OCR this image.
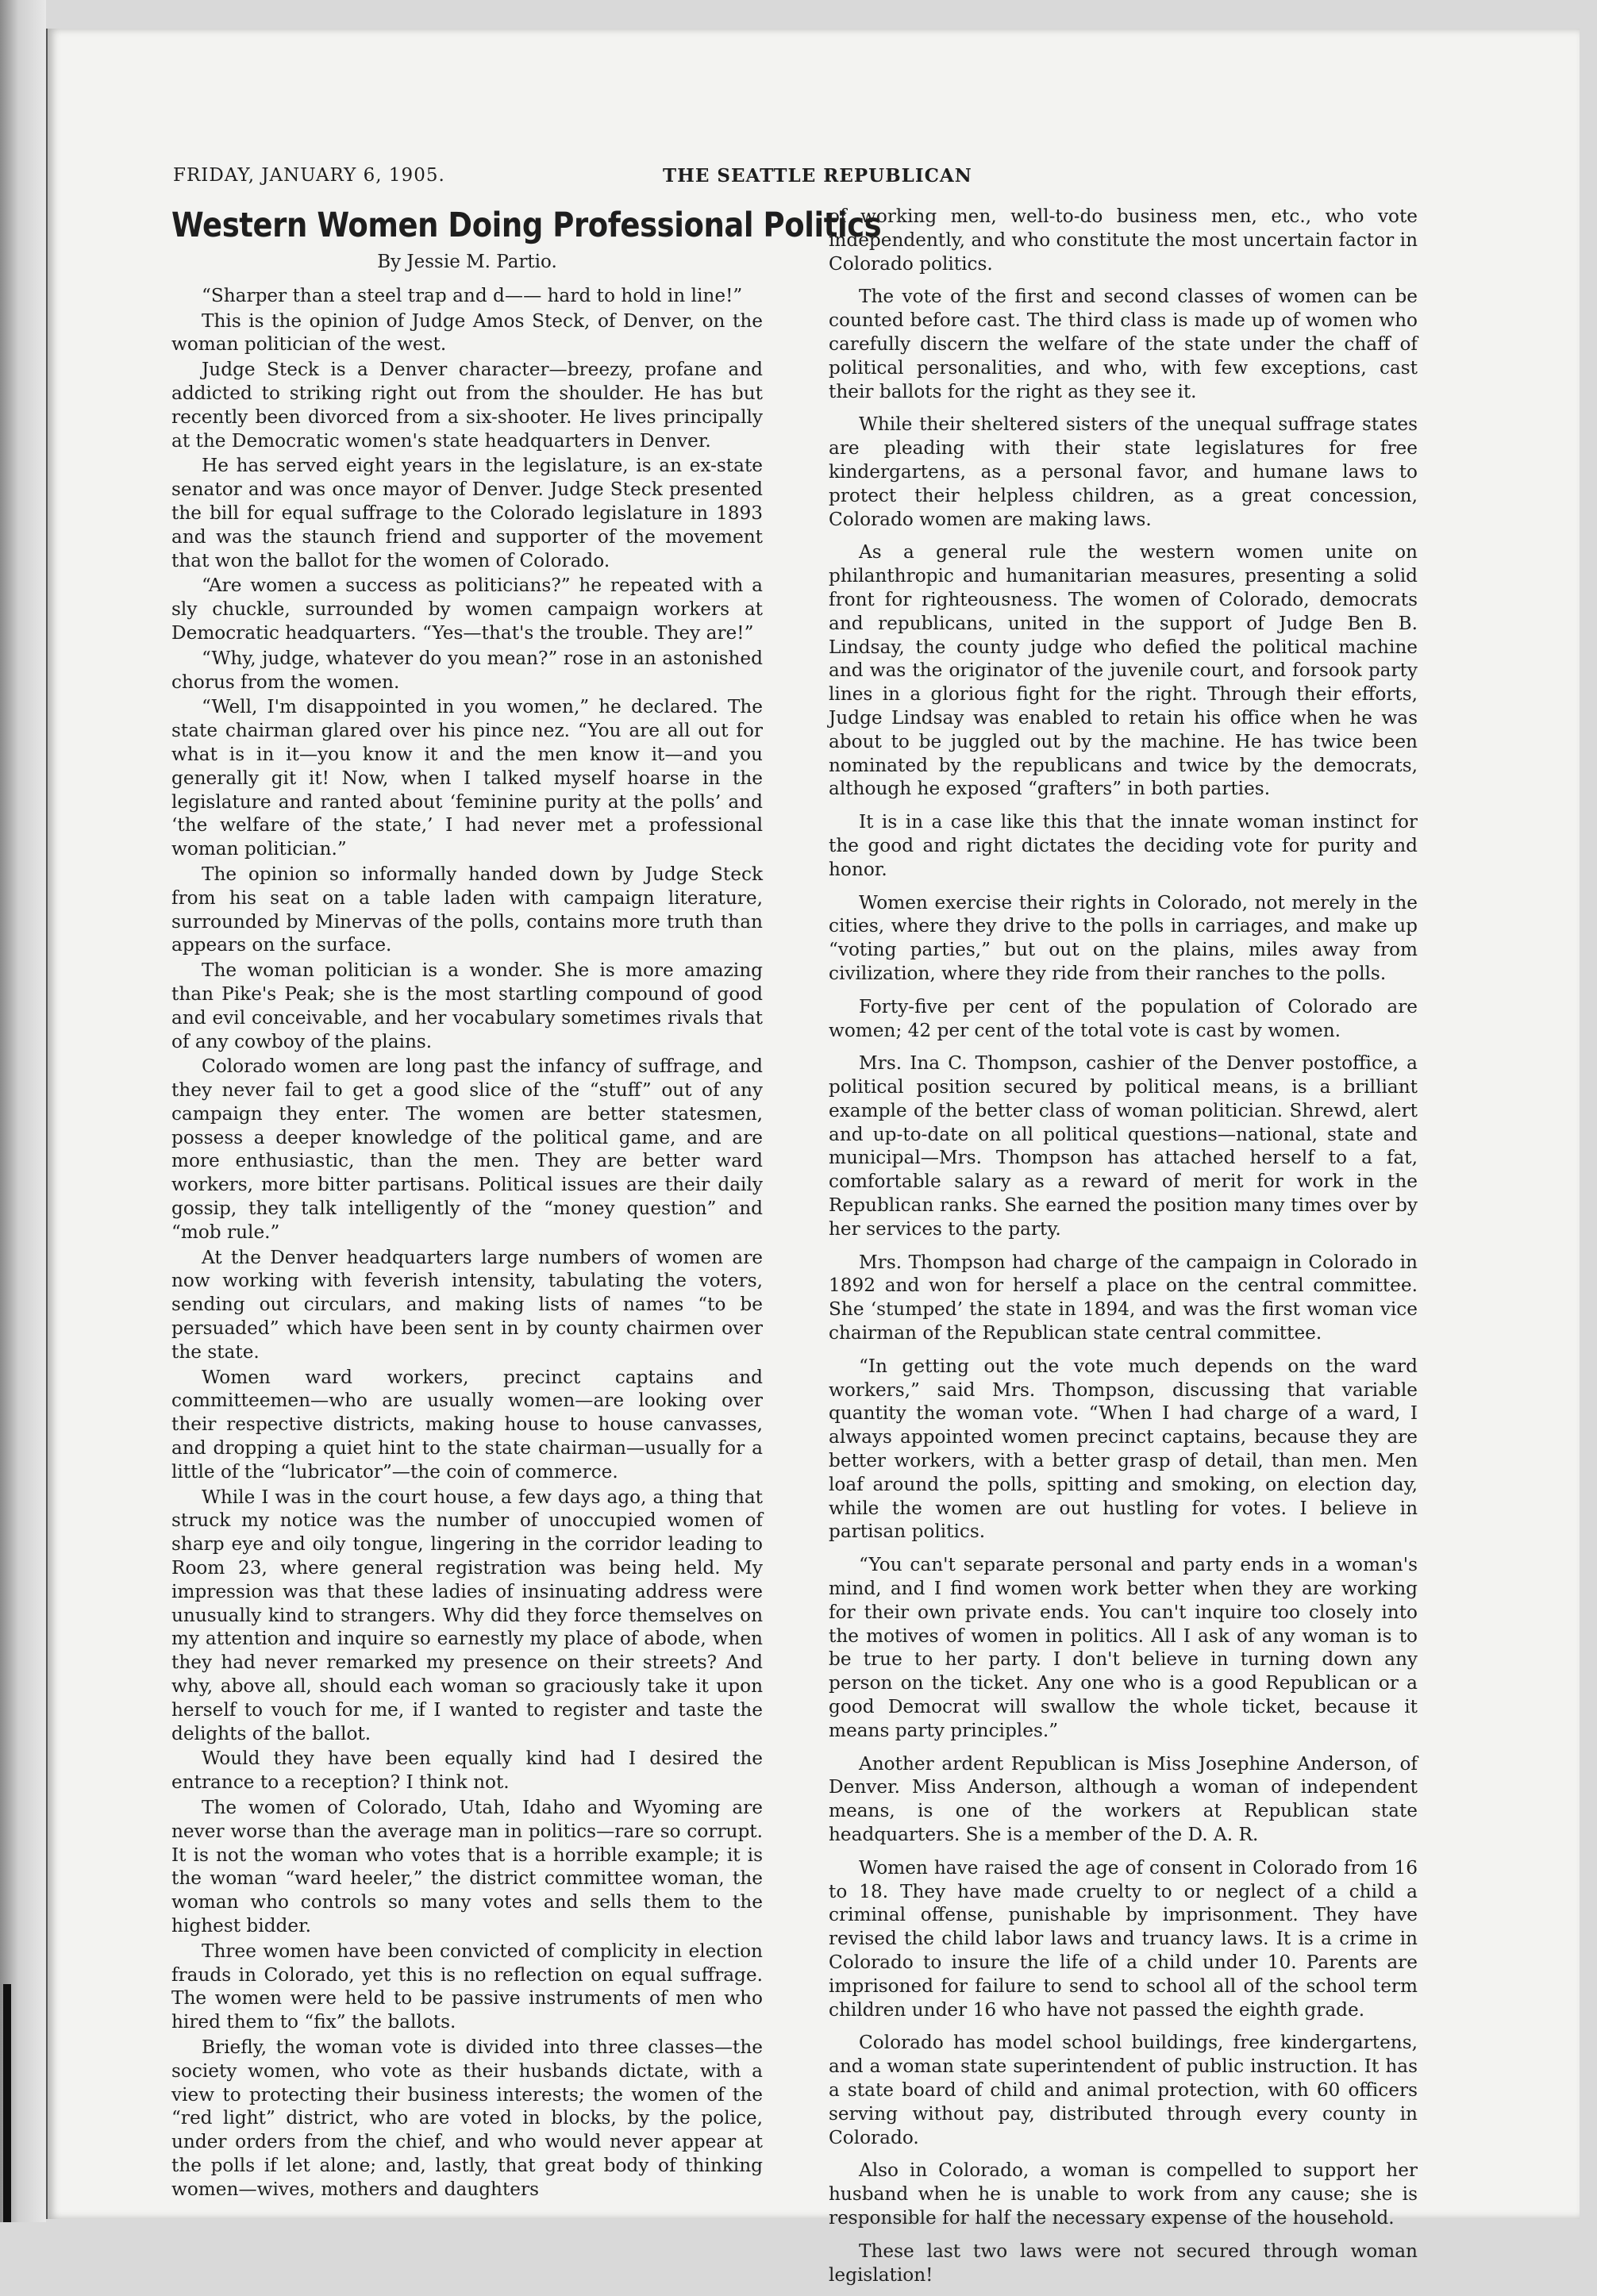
FRIDAY, JANUARY 6, 1905.	THE SEATTLE REPUBLICAN
Western Women Doing Professional Politics
By Jessie M. Partio.

“Sharper than a steel trap and d—— hard to hold in line!”

This is the opinion of Judge Amos Steck, of Denver, on the woman politician of the west.

Judge Steck is a Denver character—breezy, profane and addicted to striking right out from the shoulder. He has but recently been divorced from a six-shooter. He lives principally at the Democratic women's state headquarters in Denver.

He has served eight years in the legislature, is an ex-state senator and was once mayor of Denver. Judge Steck presented the bill for equal suffrage to the Colorado legislature in 1893 and was the staunch friend and supporter of the movement that won the ballot for the women of Colorado.

“Are women a success as politicians?” he repeated with a sly chuckle, surrounded by women campaign workers at Democratic headquarters. “Yes—that's the trouble. They are!”

“Why, judge, whatever do you mean?” rose in an astonished chorus from the women.

“Well, I'm disappointed in you women,” he declared. The state chairman glared over his pince nez. “You are all out for what is in it—you know it and the men know it—and you generally git it! Now, when I talked myself hoarse in the legislature and ranted about ‘feminine purity at the polls’ and ‘the welfare of the state,’ I had never met a professional woman politician.”

The opinion so informally handed down by Judge Steck from his seat on a table laden with campaign literature, surrounded by Minervas of the polls, contains more truth than appears on the surface.

The woman politician is a wonder. She is more amazing than Pike's Peak; she is the most startling compound of good and evil conceivable, and her vocabulary sometimes rivals that of any cowboy of the plains.

Colorado women are long past the infancy of suffrage, and they never fail to get a good slice of the “stuff” out of any campaign they enter. The women are better statesmen, possess a deeper knowledge of the political game, and are more enthusiastic, than the men. They are better ward workers, more bitter partisans. Political issues are their daily gossip, they talk intelligently of the “money question” and “mob rule.”

At the Denver headquarters large numbers of women are now working with feverish intensity, tabulating the voters, sending out circulars, and making lists of names “to be persuaded” which have been sent in by county chairmen over the state.

Women ward workers, precinct captains and committeemen—who are usually women—are looking over their respective districts, making house to house canvasses, and dropping a quiet hint to the state chairman—usually for a little of the “lubricator”—the coin of commerce.

While I was in the court house, a few days ago, a thing that struck my notice was the number of unoccupied women of sharp eye and oily tongue, lingering in the corridor leading to Room 23, where general registration was being held. My impression was that these ladies of insinuating address were unusually kind to strangers. Why did they force themselves on my attention and inquire so earnestly my place of abode, when they had never remarked my presence on their streets? And why, above all, should each woman so graciously take it upon herself to vouch for me, if I wanted to register and taste the delights of the ballot.

Would they have been equally kind had I desired the entrance to a reception? I think not.

The women of Colorado, Utah, Idaho and Wyoming are never worse than the average man in politics—rare so corrupt. It is not the woman who votes that is a horrible example; it is the woman “ward heeler,” the district committee woman, the woman who controls so many votes and sells them to the highest bidder.

Three women have been convicted of complicity in election frauds in Colorado, yet this is no reflection on equal suffrage. The women were held to be passive instruments of men who hired them to “fix” the ballots.

Briefly, the woman vote is divided into three classes—the society women, who vote as their husbands dictate, with a view to protecting their business interests; the women of the “red light” district, who are voted in blocks, by the police, under orders from the chief, and who would never appear at the polls if let alone; and, lastly, that great body of thinking women—wives, mothers and daughters

of working men, well-to-do business men, etc., who vote independently, and who constitute the most uncertain factor in Colorado politics.

The vote of the first and second classes of women can be counted before cast. The third class is made up of women who carefully discern the welfare of the state under the chaff of political personalities, and who, with few exceptions, cast their ballots for the right as they see it.

While their sheltered sisters of the unequal suffrage states are pleading with their state legislatures for free kindergartens, as a personal favor, and humane laws to protect their helpless children, as a great concession, Colorado women are making laws.

As a general rule the western women unite on philanthropic and humanitarian measures, presenting a solid front for righteousness. The women of Colorado, democrats and republicans, united in the support of Judge Ben B. Lindsay, the county judge who defied the political machine and was the originator of the juvenile court, and forsook party lines in a glorious fight for the right. Through their efforts, Judge Lindsay was enabled to retain his office when he was about to be juggled out by the machine. He has twice been nominated by the republicans and twice by the democrats, although he exposed “grafters” in both parties.

It is in a case like this that the innate woman instinct for the good and right dictates the deciding vote for purity and honor.

Women exercise their rights in Colorado, not merely in the cities, where they drive to the polls in carriages, and make up “voting parties,” but out on the plains, miles away from civilization, where they ride from their ranches to the polls.

Forty-five per cent of the population of Colorado are women; 42 per cent of the total vote is cast by women.

Mrs. Ina C. Thompson, cashier of the Denver postoffice, a political position secured by political means, is a brilliant example of the better class of woman politician. Shrewd, alert and up-to-date on all political questions—national, state and municipal—Mrs. Thompson has attached herself to a fat, comfortable salary as a reward of merit for work in the Republican ranks. She earned the position many times over by her services to the party.

Mrs. Thompson had charge of the campaign in Colorado in 1892 and won for herself a place on the central committee. She ‘stumped’ the state in 1894, and was the first woman vice chairman of the Republican state central committee.

“In getting out the vote much depends on the ward workers,” said Mrs. Thompson, discussing that variable quantity the woman vote. “When I had charge of a ward, I always appointed women precinct captains, because they are better workers, with a better grasp of detail, than men. Men loaf around the polls, spitting and smoking, on election day, while the women are out hustling for votes. I believe in partisan politics.

“You can't separate personal and party ends in a woman's mind, and I find women work better when they are working for their own private ends. You can't inquire too closely into the motives of women in politics. All I ask of any woman is to be true to her party. I don't believe in turning down any person on the ticket. Any one who is a good Republican or a good Democrat will swallow the whole ticket, because it means party principles.”

Another ardent Republican is Miss Josephine Anderson, of Denver. Miss Anderson, although a woman of independent means, is one of the workers at Republican state headquarters. She is a member of the D. A. R.

Women have raised the age of consent in Colorado from 16 to 18. They have made cruelty to or neglect of a child a criminal offense, punishable by imprisonment. They have revised the child labor laws and truancy laws. It is a crime in Colorado to insure the life of a child under 10. Parents are imprisoned for failure to send to school all of the school term children under 16 who have not passed the eighth grade.

Colorado has model school buildings, free kindergartens, and a woman state superintendent of public instruction. It has a state board of child and animal protection, with 60 officers serving without pay, distributed through every county in Colorado.

Also in Colorado, a woman is compelled to support her husband when he is unable to work from any cause; she is responsible for half the necessary expense of the household.

These last two laws were not secured through woman legislation!
